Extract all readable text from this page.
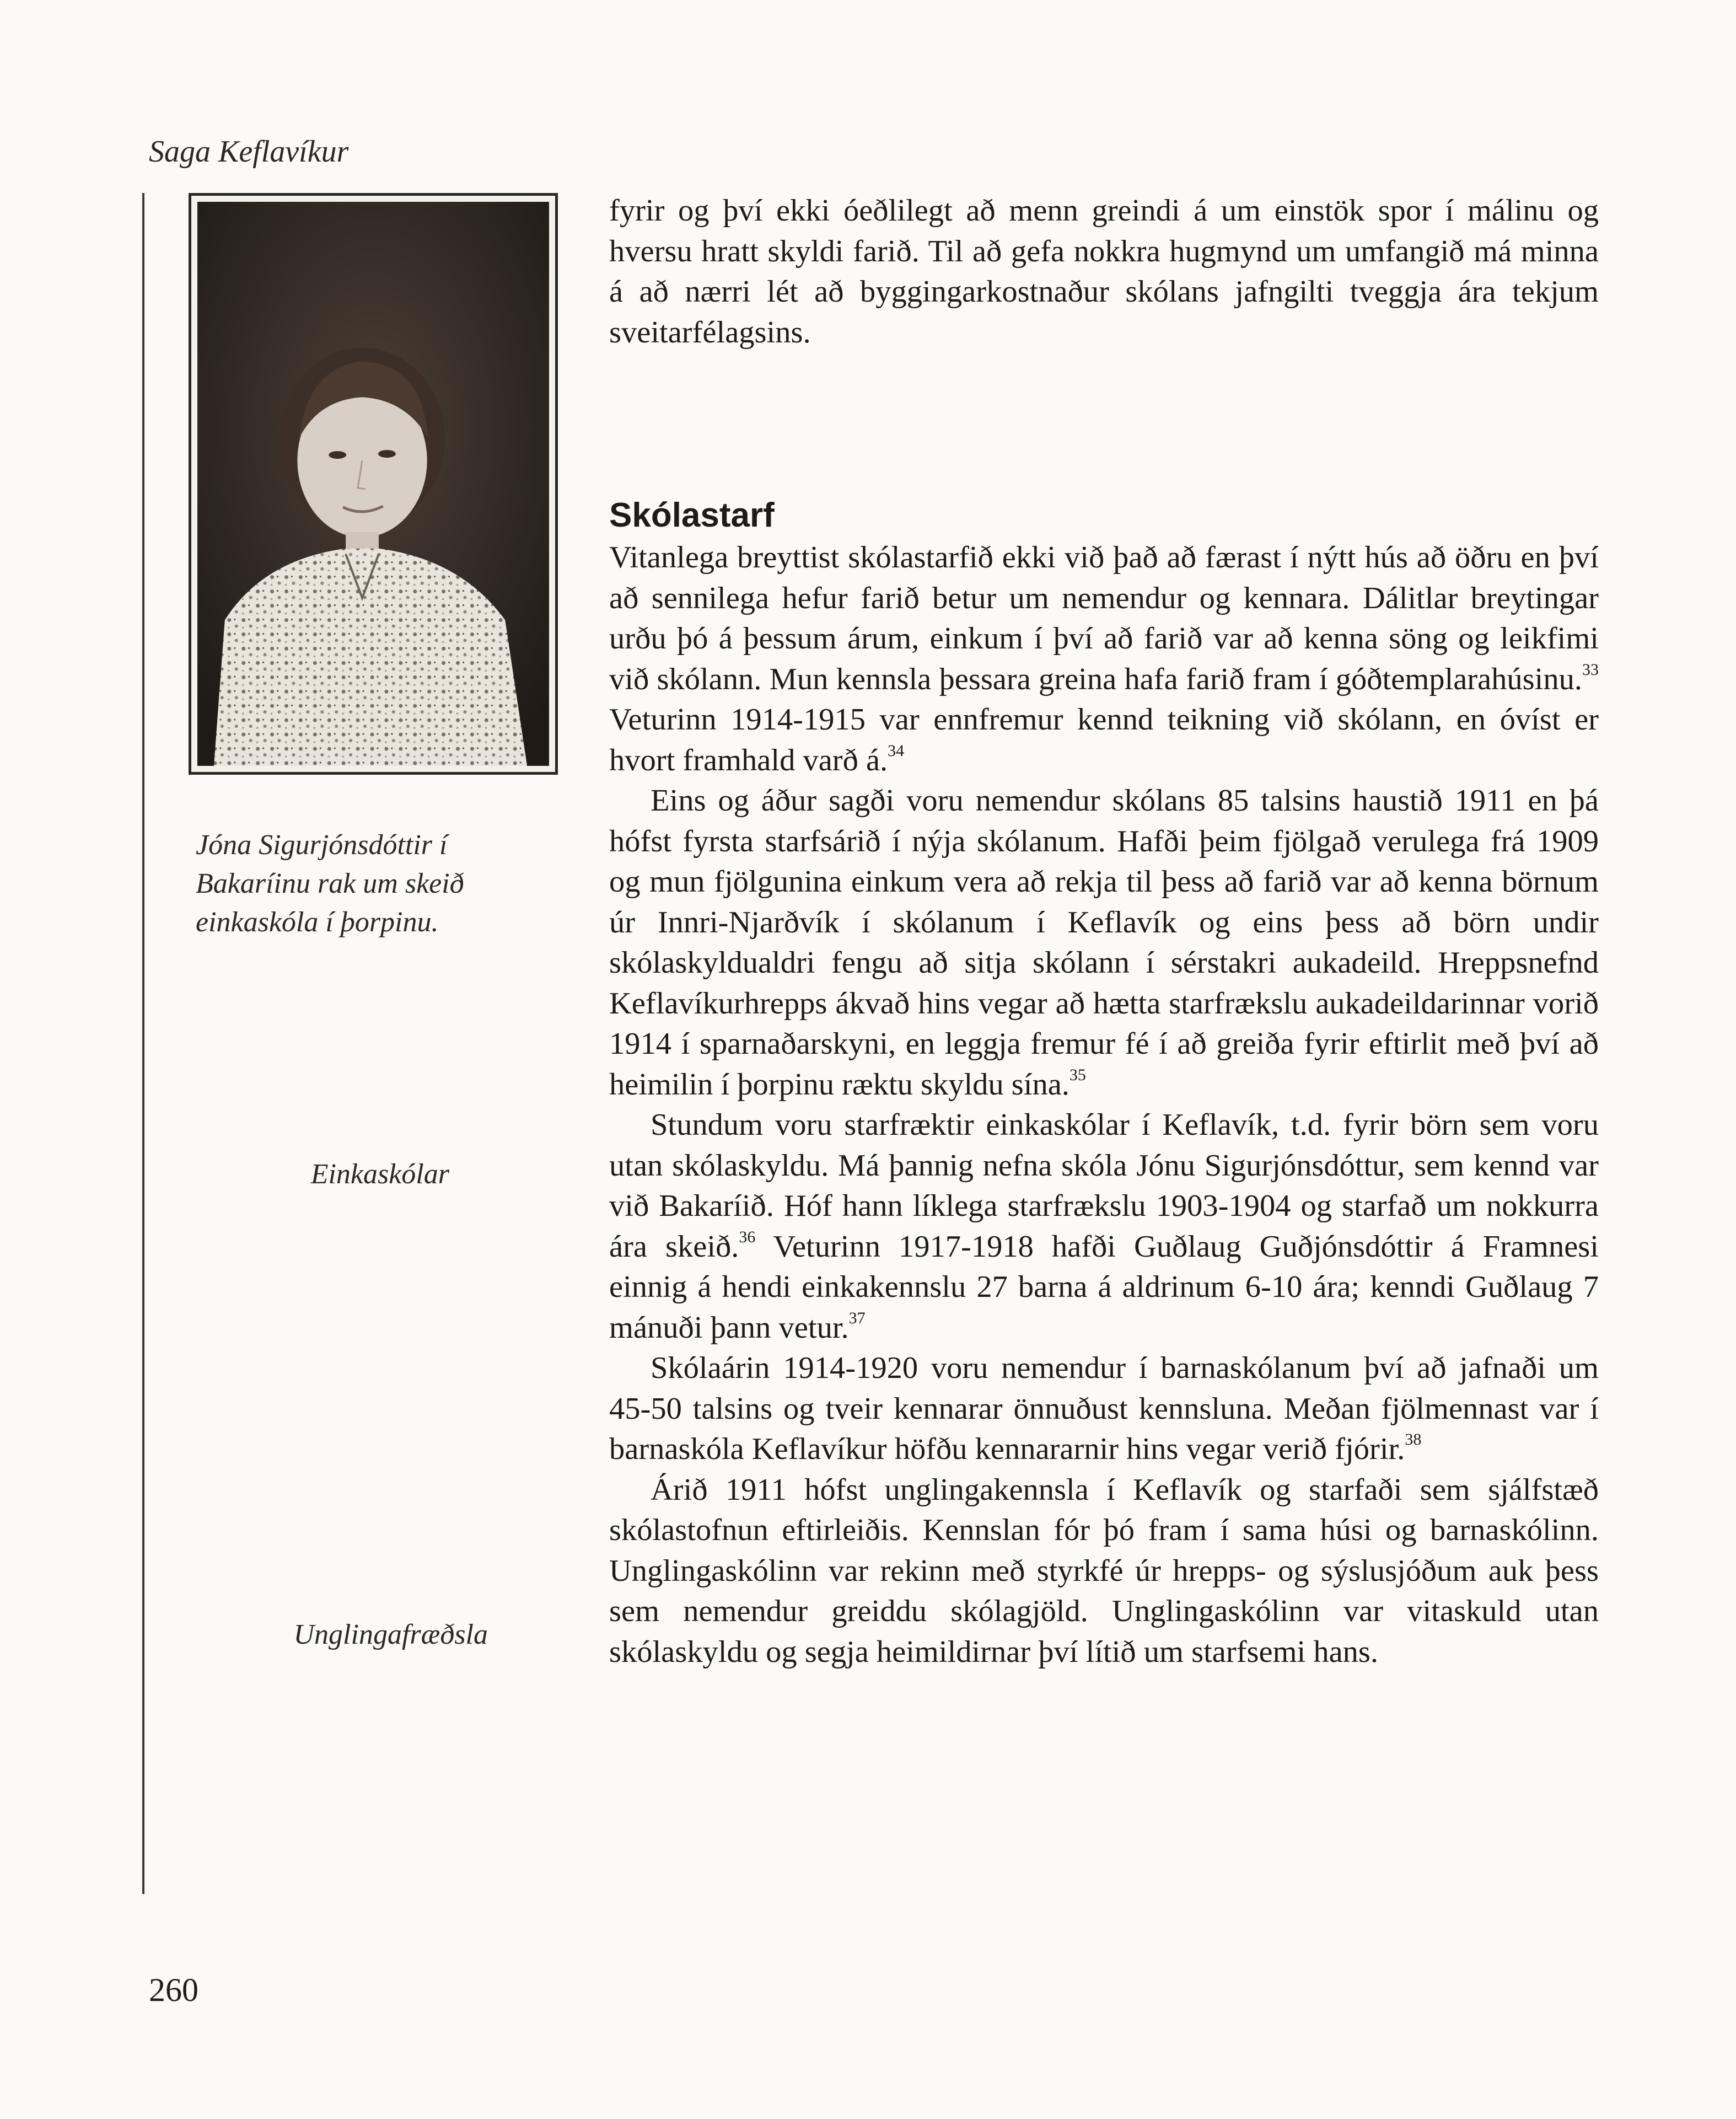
Saga Keflavíkur
Jóna Sigurjónsdóttir í Bakaríinu rak um skeið einkaskóla í þorpinu.
Einkaskólar
Unglingafræðsla

fyrir og því ekki óeðlilegt að menn greindi á um einstök spor í málinu og hversu hratt skyldi farið. Til að gefa nokkra hugmynd um umfangið má minna á að nærri lét að byggingarkostnaður skólans jafngilti tveggja ára tekjum sveitarfélagsins.

Skólastarf

Vitanlega breyttist skólastarfið ekki við það að færast í nýtt hús að öðru en því að sennilega hefur farið betur um nemendur og kennara. Dálitlar breytingar urðu þó á þessum árum, einkum í því að farið var að kenna söng og leikfimi við skólann. Mun kennsla þessara greina hafa farið fram í góðtemplarahúsinu.$^{33}$ Veturinn 1914-1915 var ennfremur kennd teikning við skólann, en óvíst er hvort framhald varð á.$^{34}$

Eins og áður sagði voru nemendur skólans 85 talsins haustið 1911 en þá hófst fyrsta starfsárið í nýja skólanum. Hafði þeim fjölgað verulega frá 1909 og mun fjölgunina einkum vera að rekja til þess að farið var að kenna börnum úr Innri-Njarðvík í skólanum í Keflavík og eins þess að börn undir skólaskyldualdri fengu að sitja skólann í sérstakri aukadeild. Hreppsnefnd Keflavíkurhrepps ákvað hins vegar að hætta starfrækslu aukadeildarinnar vorið 1914 í sparnaðarskyni, en leggja fremur fé í að greiða fyrir eftirlit með því að heimilin í þorpinu ræktu skyldu sína.$^{35}$

Stundum voru starfræktir einkaskólar í Keflavík, t.d. fyrir börn sem voru utan skólaskyldu. Má þannig nefna skóla Jónu Sigurjónsdóttur, sem kennd var við Bakaríið. Hóf hann líklega starfrækslu 1903-1904 og starfað um nokkurra ára skeið.$^{36}$ Veturinn 1917-1918 hafði Guðlaug Guðjónsdóttir á Framnesi einnig á hendi einkakennslu 27 barna á aldrinum 6-10 ára; kenndi Guðlaug 7 mánuði þann vetur.$^{37}$

Skólaárin 1914-1920 voru nemendur í barnaskólanum því að jafnaði um 45-50 talsins og tveir kennarar önnuðust kennsluna. Meðan fjölmennast var í barnaskóla Keflavíkur höfðu kennararnir hins vegar verið fjórir.$^{38}$

Árið 1911 hófst unglingakennsla í Keflavík og starfaði sem sjálfstæð skólastofnun eftirleiðis. Kennslan fór þó fram í sama húsi og barnaskólinn. Unglingaskólinn var rekinn með styrkfé úr hrepps- og sýslusjóðum auk þess sem nemendur greiddu skólagjöld. Unglingaskólinn var vitaskuld utan skólaskyldu og segja heimildirnar því lítið um starfsemi hans.

260
